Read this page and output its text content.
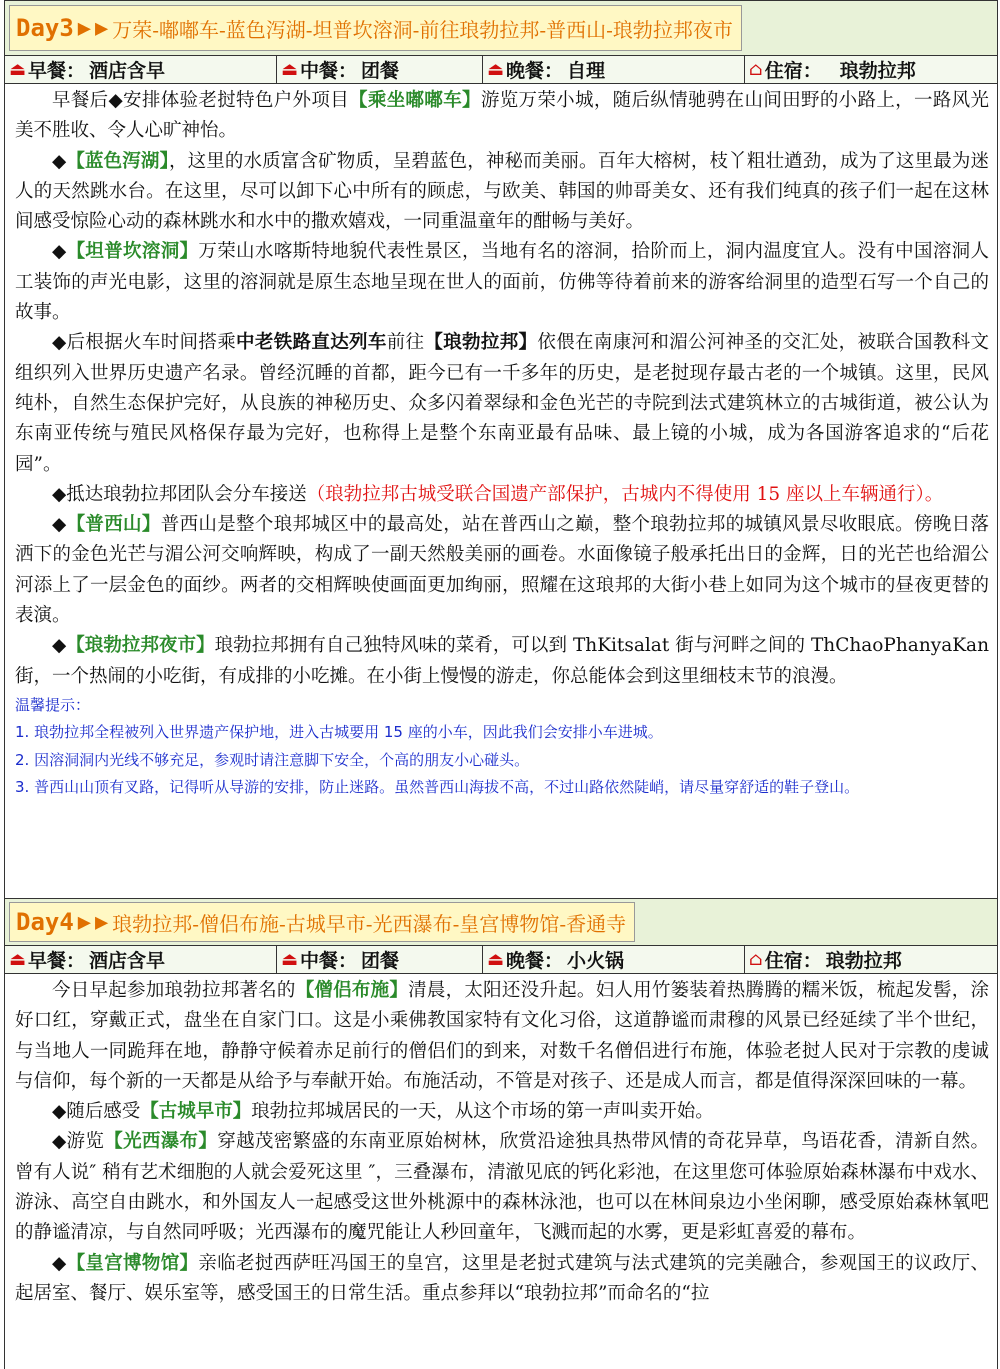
Day3 ▶ ▶ 万荣-嘟嘟车-蓝色泻湖-坦普坎溶洞-前往琅勃拉邦-普西山-琅勃拉邦夜市
⏏ 早餐： 酒店含早	⏏ 中餐： 团餐	⏏ 晚餐： 自理	⌂ 住宿： 琅勃拉邦

早餐后◆安排体验老挝特色户外项目【乘坐嘟嘟车】游览万荣小城，随后纵情驰骋在山间田野的小路上，一路风光美不胜收、令人心旷神怡。

◆【蓝色泻湖】，这里的水质富含矿物质，呈碧蓝色，神秘而美丽。百年大榕树，枝丫粗壮遒劲，成为了这里最为迷人的天然跳水台。在这里，尽可以卸下心中所有的顾虑，与欧美、韩国的帅哥美女、还有我们纯真的孩子们一起在这林间感受惊险心动的森林跳水和水中的撒欢嬉戏，一同重温童年的酣畅与美好。

◆【坦普坎溶洞】万荣山水喀斯特地貌代表性景区，当地有名的溶洞，拾阶而上，洞内温度宜人。没有中国溶洞人工装饰的声光电影，这里的溶洞就是原生态地呈现在世人的面前，仿佛等待着前来的游客给洞里的造型石写一个自己的故事。

◆后根据火车时间搭乘中老铁路直达列车前往【琅勃拉邦】依偎在南康河和湄公河神圣的交汇处，被联合国教科文组织列入世界历史遗产名录。曾经沉睡的首都，距今已有一千多年的历史，是老挝现存最古老的一个城镇。这里，民风纯朴，自然生态保护完好，从良族的神秘历史、众多闪着翠绿和金色光芒的寺院到法式建筑林立的古城街道，被公认为东南亚传统与殖民风格保存最为完好，也称得上是整个东南亚最有品味、最上镜的小城，成为各国游客追求的“后花园”。

◆抵达琅勃拉邦团队会分车接送（琅勃拉邦古城受联合国遗产部保护，古城内不得使用 15 座以上车辆通行）。

◆【普西山】普西山是整个琅邦城区中的最高处，站在普西山之巅，整个琅勃拉邦的城镇风景尽收眼底。傍晚日落洒下的金色光芒与湄公河交响辉映，构成了一副天然般美丽的画卷。水面像镜子般承托出日的金辉，日的光芒也给湄公河添上了一层金色的面纱。两者的交相辉映使画面更加绚丽，照耀在这琅邦的大街小巷上如同为这个城市的昼夜更替的表演。

◆【琅勃拉邦夜市】琅勃拉邦拥有自己独特风味的菜肴，可以到 ThKitsalat 街与河畔之间的 ThChaoPhanyaKan 街，一个热闹的小吃街，有成排的小吃摊。在小街上慢慢的游走，你总能体会到这里细枝末节的浪漫。

温馨提示：
1. 琅勃拉邦全程被列入世界遗产保护地，进入古城要用 15 座的小车，因此我们会安排小车进城。
2. 因溶洞洞内光线不够充足，参观时请注意脚下安全，个高的朋友小心碰头。
3. 普西山山顶有叉路，记得听从导游的安排，防止迷路。虽然普西山海拔不高，不过山路依然陡峭，请尽量穿舒适的鞋子登山。
Day4 ▶ ▶ 琅勃拉邦-僧侣布施-古城早市-光西瀑布-皇宫博物馆-香通寺
⏏ 早餐： 酒店含早	⏏ 中餐： 团餐	⏏ 晚餐： 小火锅	⌂ 住宿： 琅勃拉邦

今日早起参加琅勃拉邦著名的【僧侣布施】清晨，太阳还没升起。妇人用竹篓装着热腾腾的糯米饭，梳起发髻，涂好口红，穿戴正式，盘坐在自家门口。这是小乘佛教国家特有文化习俗，这道静谧而肃穆的风景已经延续了半个世纪，与当地人一同跪拜在地，静静守候着赤足前行的僧侣们的到来，对数千名僧侣进行布施，体验老挝人民对于宗教的虔诚与信仰，每个新的一天都是从给予与奉献开始。布施活动，不管是对孩子、还是成人而言，都是值得深深回味的一幕。

◆随后感受【古城早市】琅勃拉邦城居民的一天，从这个市场的第一声叫卖开始。

◆游览【光西瀑布】穿越茂密繁盛的东南亚原始树林，欣赏沿途独具热带风情的奇花异草，鸟语花香，清新自然。曾有人说″ 稍有艺术细胞的人就会爱死这里 ″，三叠瀑布，清澈见底的钙化彩池，在这里您可体验原始森林瀑布中戏水、游泳、高空自由跳水，和外国友人一起感受这世外桃源中的森林泳池，也可以在林间泉边小坐闲聊，感受原始森林氧吧的静谧清凉，与自然同呼吸；光西瀑布的魔咒能让人秒回童年，飞溅而起的水雾，更是彩虹喜爱的幕布。

◆【皇宫博物馆】亲临老挝西萨旺冯国王的皇宫，这里是老挝式建筑与法式建筑的完美融合，参观国王的议政厅、起居室、餐厅、娱乐室等，感受国王的日常生活。重点参拜以“琅勃拉邦”而命名的“拉
